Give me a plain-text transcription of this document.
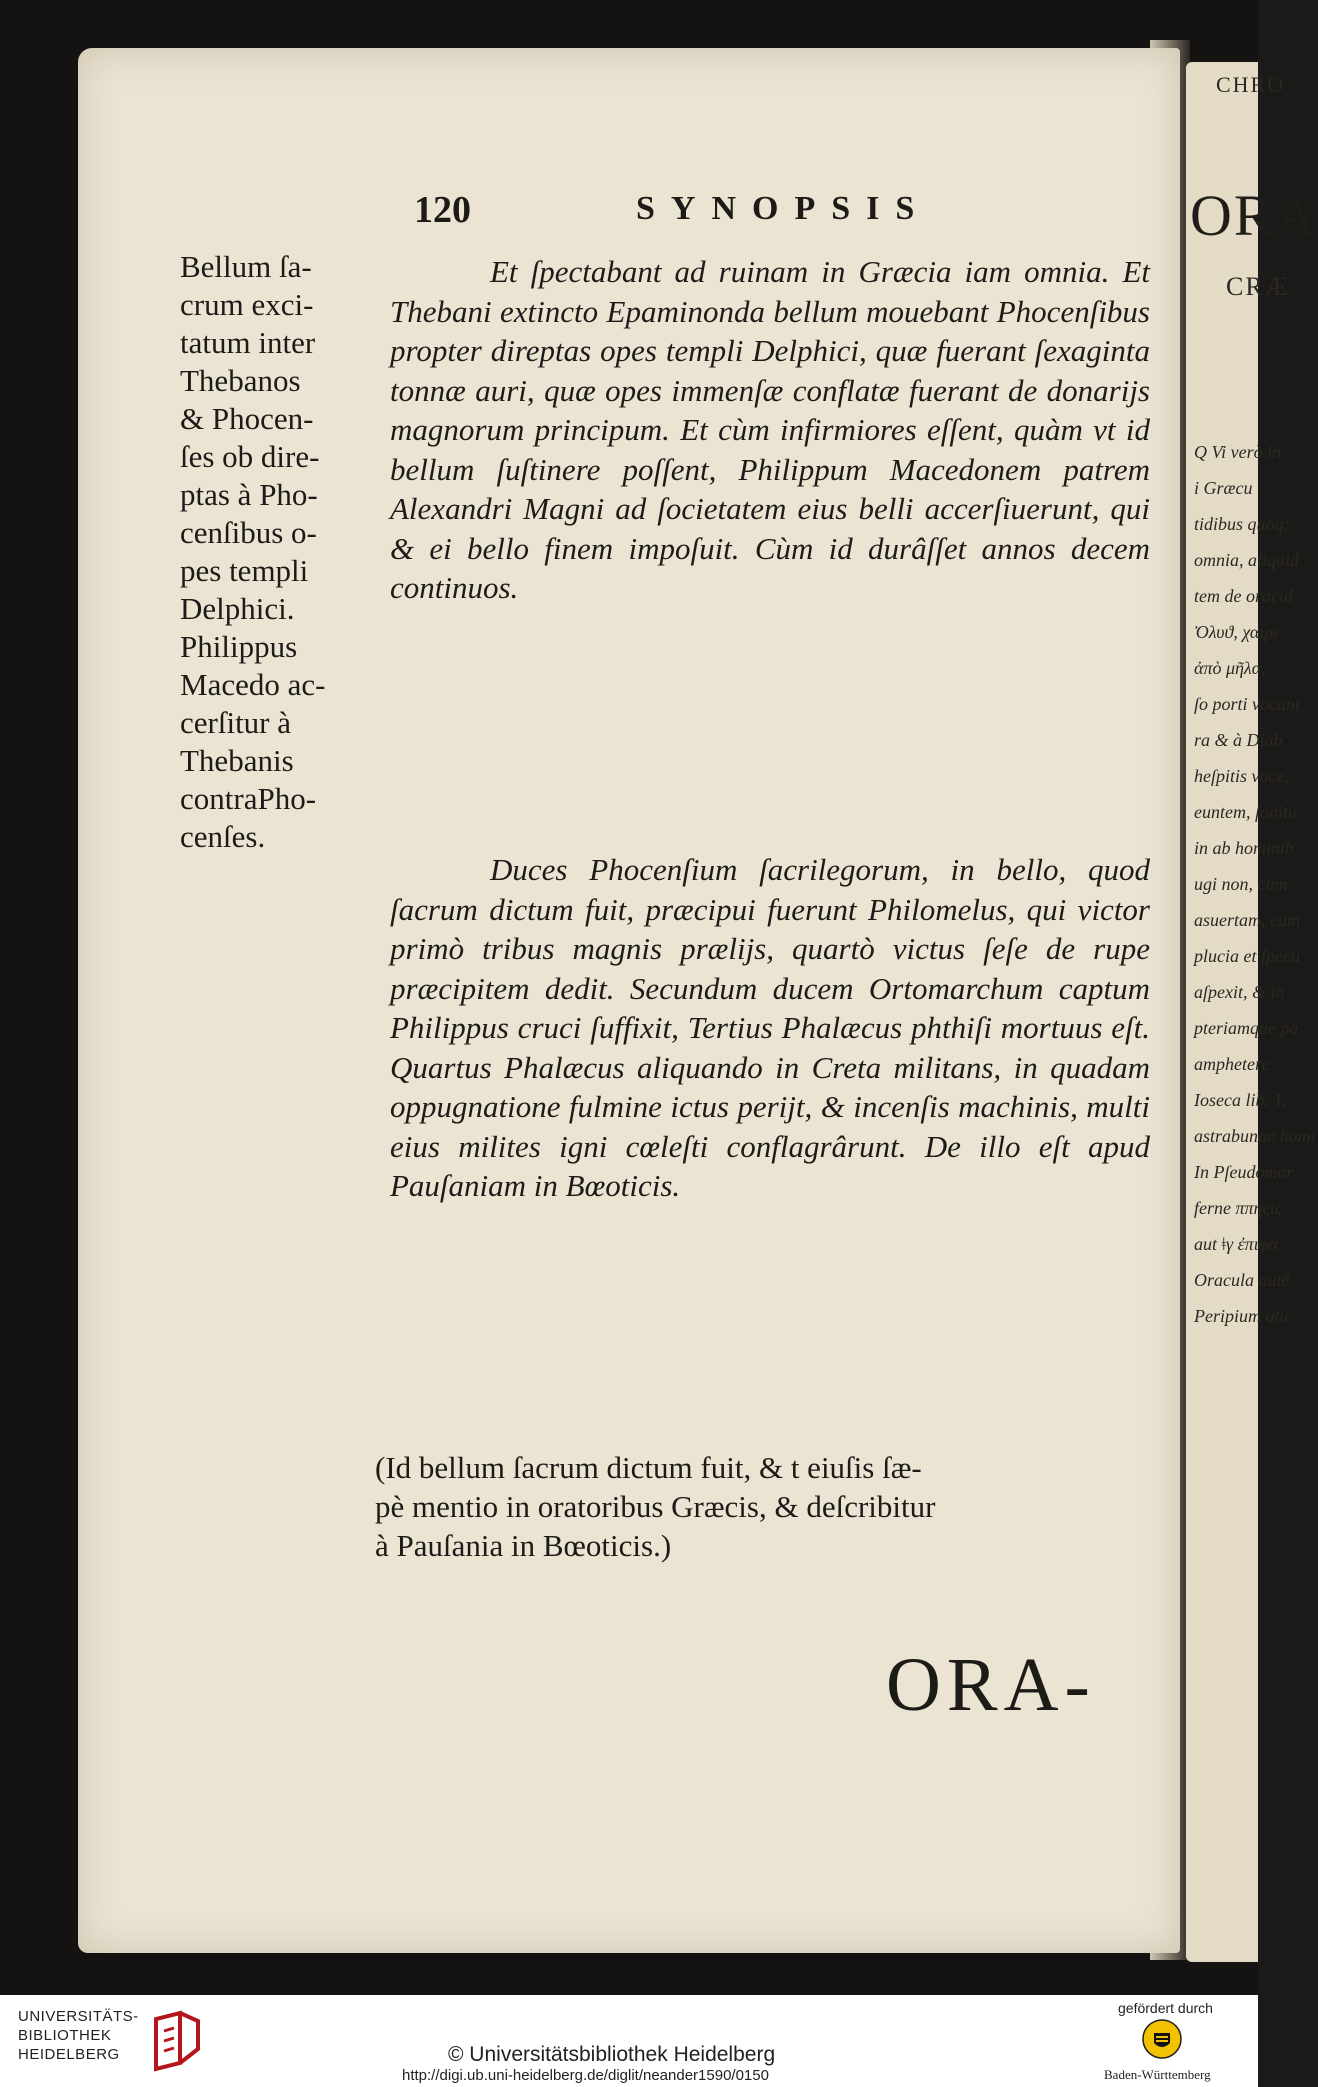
CHRO
ORA
CRÆ
Q Vi verò in
i Græcu
tidibus quoq;
omnia, aliquid
tem de oracul
Ὀλυϑ, χαιρε
ἀπὸ μῆλα,
ſo porti vocant
ra & à Diab
heſpitis voce,
euntem, ſonitu
in ab hominib
ugi non, cum
asuertam, cum
plucia et ſpecu
aſpexit, & in
pteriamque pa
amphetere
Ioseca lib. 1.
astrabunae homi
In Pſeudomar
ferne ππηςις
aut ǂγ ἐπιφα
Oracula autē
Peripium atu
120	SYNOPSIS
Bellum ſa-
crum exci-
tatum inter
Thebanos
& Phocen-
ſes ob dire-
ptas à Pho-
cenſibus o-
pes templi
Delphici.
Philippus
Macedo ac-
cerſitur à
Thebanis
contraPho-
cenſes.
Et ſpectabant ad ruinam in Græcia iam omnia. Et Thebani extincto Epaminonda bellum mouebant Phocenſibus propter direptas opes templi Delphici, quæ fuerant ſexaginta tonnæ auri, quæ opes immenſæ conflatæ fuerant de donarijs magnorum principum. Et cùm infirmiores eſſent, quàm vt id bellum ſuſtinere poſſent, Philippum Macedonem patrem Alexandri Magni ad ſocietatem eius belli accerſiuerunt, qui & ei bello finem impoſuit. Cùm id durâſſet annos decem continuos.
Duces Phocenſium ſacrilegorum, in bello, quod ſacrum dictum fuit, præcipui fuerunt Philomelus, qui victor primò tribus magnis prælijs, quartò victus ſeſe de rupe præcipitem dedit. Secundum ducem Ortomarchum captum Philippus cruci ſuffixit, Tertius Phalæcus phthiſi mortuus eſt. Quartus Phalæcus aliquando in Creta militans, in quadam oppugnatione fulmine ictus perijt, & incenſis machinis, multi eius milites igni cœleſti conflagrârunt. De illo eſt apud Pauſaniam in Bœoticis.
(Id bellum ſacrum dictum fuit, & t eiuſis ſæ-
pè mentio in oratoribus Græcis, & deſcribitur
à Pauſania in Bœoticis.)
ORA-
UNIVERSITÄTS-
BIBLIOTHEK
HEIDELBERG	© Universitätsbibliothek Heidelberg
http://digi.ub.uni-heidelberg.de/diglit/neander1590/0150
gefördert durch
Baden-Württemberg
